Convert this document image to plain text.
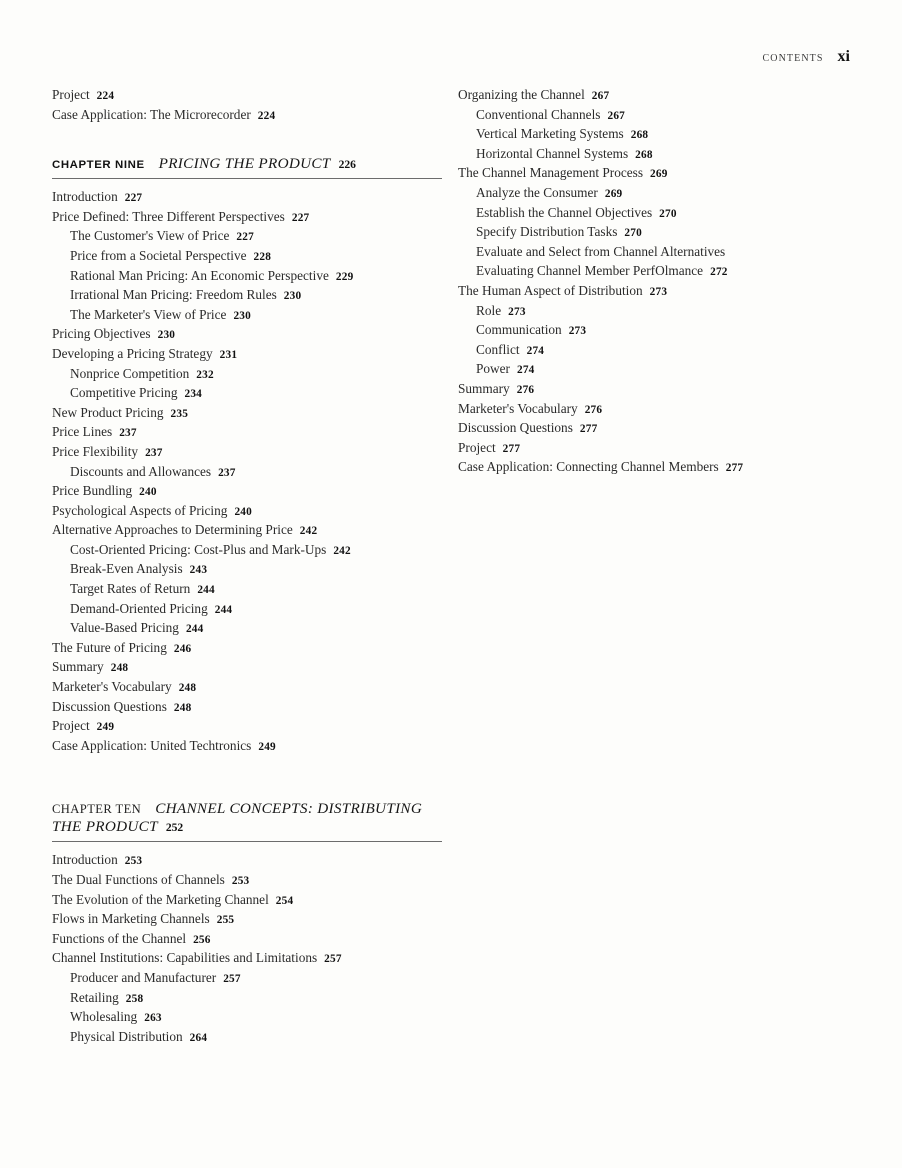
CONTENTS xi
Project 224
Case Application: The Microrecorder 224
CHAPTER NINE PRICING THE PRODUCT 226
Introduction 227
Price Defined: Three Different Perspectives 227
The Customer's View of Price 227
Price from a Societal Perspective 228
Rational Man Pricing: An Economic Perspective 229
Irrational Man Pricing: Freedom Rules 230
The Marketer's View of Price 230
Pricing Objectives 230
Developing a Pricing Strategy 231
Nonprice Competition 232
Competitive Pricing 234
New Product Pricing 235
Price Lines 237
Price Flexibility 237
Discounts and Allowances 237
Price Bundling 240
Psychological Aspects of Pricing 240
Alternative Approaches to Determining Price 242
Cost-Oriented Pricing: Cost-Plus and Mark-Ups 242
Break-Even Analysis 243
Target Rates of Return 244
Demand-Oriented Pricing 244
Value-Based Pricing 244
The Future of Pricing 246
Summary 248
Marketer's Vocabulary 248
Discussion Questions 248
Project 249
Case Application: United Techtronics 249
CHAPTER TEN CHANNEL CONCEPTS: DISTRIBUTING
THE PRODUCT 252
Introduction 253
The Dual Functions of Channels 253
The Evolution of the Marketing Channel 254
Flows in Marketing Channels 255
Functions of the Channel 256
Channel Institutions: Capabilities and Limitations 257
Producer and Manufacturer 257
Retailing 258
Wholesaling 263
Physical Distribution 264
Organizing the Channel 267
Conventional Channels 267
Vertical Marketing Systems 268
Horizontal Channel Systems 268
The Channel Management Process 269
Analyze the Consumer 269
Establish the Channel Objectives 270
Specify Distribution Tasks 270
Evaluate and Select from Channel Alternatives
Evaluating Channel Member PerfOlmance 272
The Human Aspect of Distribution 273
Role 273
Communication 273
Conflict 274
Power 274
Summary 276
Marketer's Vocabulary 276
Discussion Questions 277
Project 277
Case Application: Connecting Channel Members 277
